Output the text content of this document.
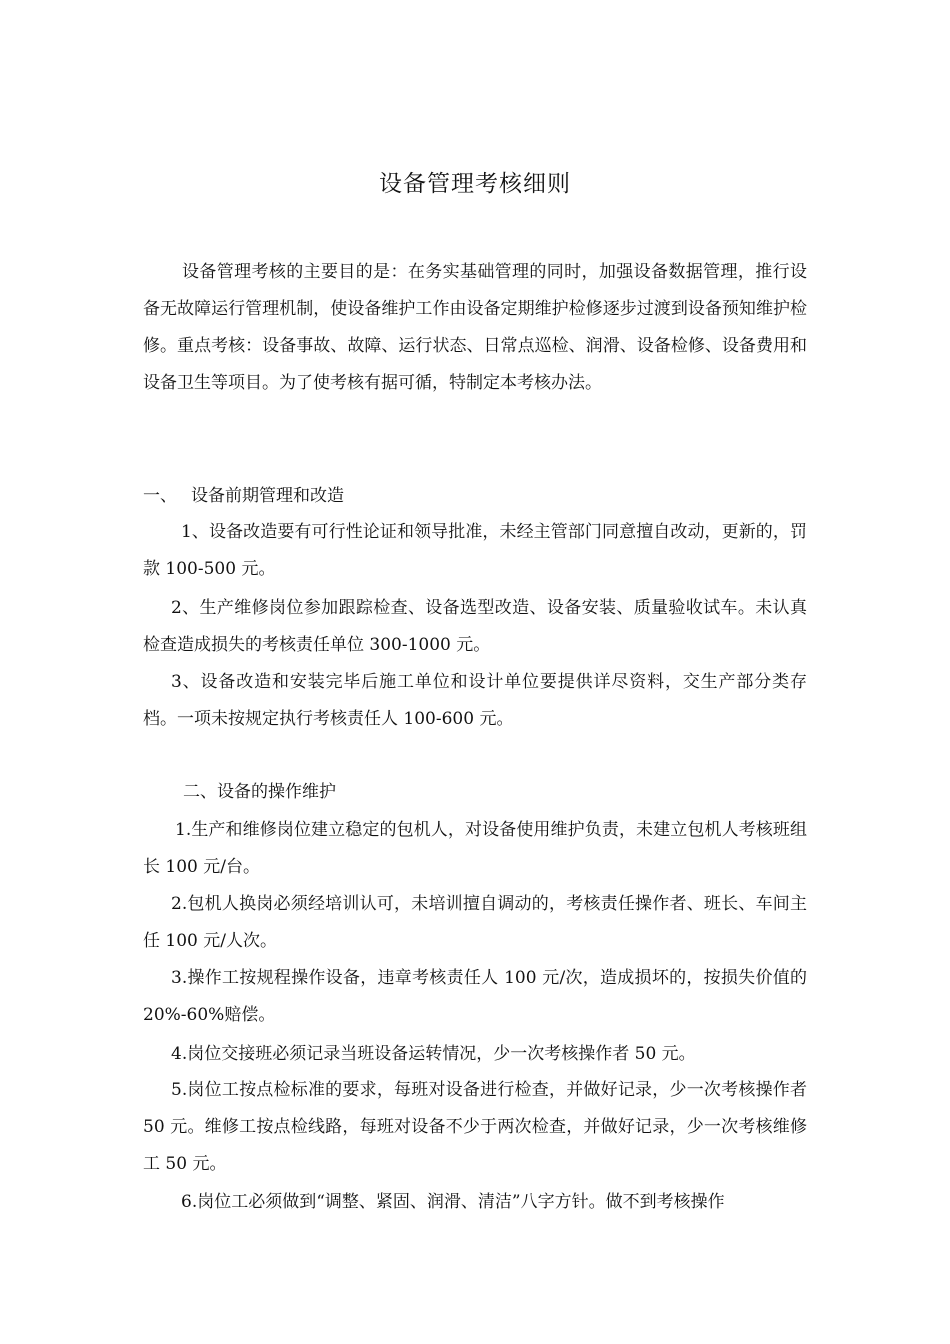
设备管理考核细则
设备管理考核的主要目的是：在务实基础管理的同时，加强设备数据管理，推行设备无故障运行管理机制，使设备维护工作由设备定期维护检修逐步过渡到设备预知维护检修。重点考核：设备事故、故障、运行状态、日常点巡检、润滑、设备检修、设备费用和设备卫生等项目。为了使考核有据可循，特制定本考核办法。
一、 设备前期管理和改造
1、设备改造要有可行性论证和领导批准，未经主管部门同意擅自改动，更新的，罚款 100-500 元。
2、生产维修岗位参加跟踪检查、设备选型改造、设备安装、质量验收试车。未认真检查造成损失的考核责任单位 300-1000 元。
3、设备改造和安装完毕后施工单位和设计单位要提供详尽资料，交生产部分类存档。一项未按规定执行考核责任人 100-600 元。
二、设备的操作维护
1.生产和维修岗位建立稳定的包机人，对设备使用维护负责，未建立包机人考核班组长 100 元/台。
2.包机人换岗必须经培训认可，未培训擅自调动的，考核责任操作者、班长、车间主任 100 元/人次。
3.操作工按规程操作设备，违章考核责任人 100 元/次，造成损坏的，按损失价值的 20%-60%赔偿。
4.岗位交接班必须记录当班设备运转情况，少一次考核操作者 50 元。
5.岗位工按点检标准的要求，每班对设备进行检查，并做好记录，少一次考核操作者 50 元。维修工按点检线路，每班对设备不少于两次检查，并做好记录，少一次考核维修工 50 元。
6.岗位工必须做到“调整、紧固、润滑、清洁”八字方针。做不到考核操作
